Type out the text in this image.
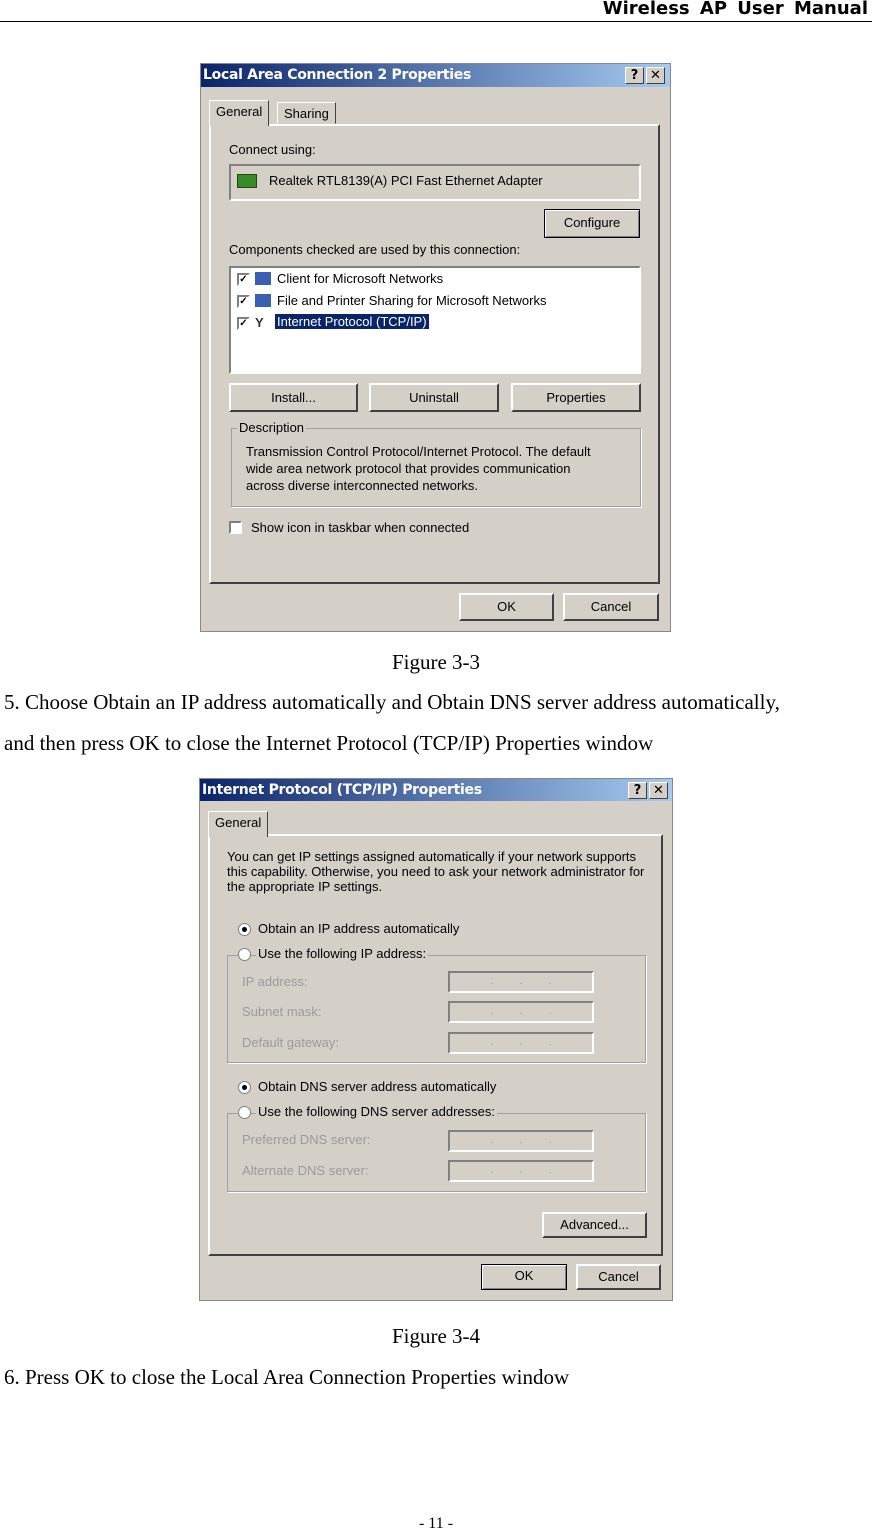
Wireless AP User Manual
Local Area Connection 2 Properties	? ✕
General	Sharing
Connect using:
Realtek RTL8139(A) PCI Fast Ethernet Adapter
Configure
Components checked are used by this connection:
✓ Client for Microsoft Networks
✓ File and Printer Sharing for Microsoft Networks
✓ Y Internet Protocol (TCP/IP)
Install...	Uninstall	Properties
Description
Transmission Control Protocol/Internet Protocol. The default
wide area network protocol that provides communication
across diverse interconnected networks.
Show icon in taskbar when connected
OK	Cancel
Figure 3-3
5. Choose Obtain an IP address automatically and Obtain DNS server address automatically,
and then press OK to close the Internet Protocol (TCP/IP) Properties window
Internet Protocol (TCP/IP) Properties	? ✕
General
You can get IP settings assigned automatically if your network supports
this capability. Otherwise, you need to ask your network administrator for
the appropriate IP settings.
Obtain an IP address automatically
Use the following IP address:
IP address:	...
Subnet mask:	...
Default gateway:	...
Obtain DNS server address automatically
Use the following DNS server addresses:
Preferred DNS server:	...
Alternate DNS server:	...
Advanced...
OK	Cancel
Figure 3-4
6. Press OK to close the Local Area Connection Properties window
- 11 -
